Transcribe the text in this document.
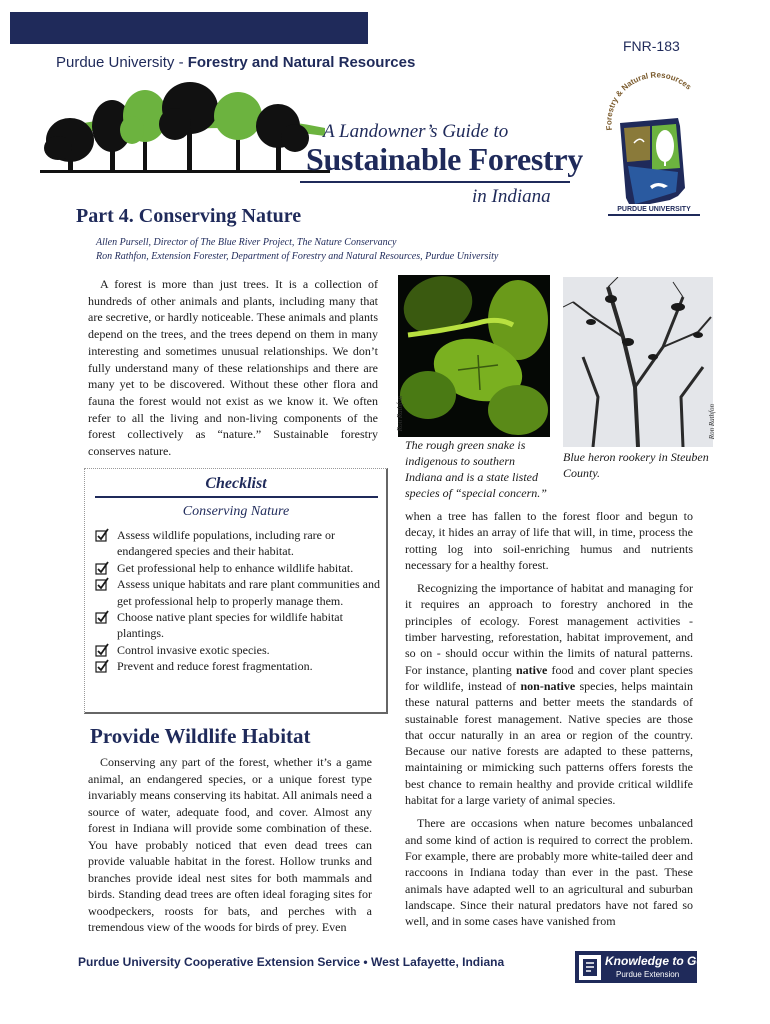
FNR-183
Purdue University - Forestry and Natural Resources
A Landowner’s Guide to
Sustainable Forestry
in Indiana
Forestry & Natural Resources
PURDUE UNIVERSITY
Part 4. Conserving Nature
Allen Pursell, Director of The Blue River Project, The Nature Conservancy
Ron Rathfon, Extension Forester, Department of Forestry and Natural Resources, Purdue University

A forest is more than just trees. It is a collection of hundreds of other animals and plants, including many that are secretive, or hardly noticeable. These animals and plants depend on the trees, and the trees depend on them in many interesting and sometimes unusual relationships. We don’t fully understand many of these relationships and there are many yet to be discovered. Without these other flora and fauna the forest would not exist as we know it. We often refer to all the living and non-living components of the forest collectively as “nature.” Sustainable forestry conserves nature.

Ron Rathfon	Ron Rathfon
The rough green snake is indigenous to southern Indiana and is a state listed species of “special concern.”
Blue heron rookery in Steuben County.
Checklist
Conserving Nature
Assess wildlife populations, including rare or endangered species and their habitat.
Get professional help to enhance wildlife habitat.
Assess unique habitats and rare plant communities and get professional help to properly manage them.
Choose native plant species for wildlife habitat plantings.
Control invasive exotic species.
Prevent and reduce forest fragmentation.

when a tree has fallen to the forest floor and begun to decay, it hides an array of life that will, in time, process the rotting log into soil-enriching humus and nutrients necessary for a healthy forest.

Recognizing the importance of habitat and managing for it requires an approach to forestry anchored in the principles of ecology. Forest management activities - timber harvesting, reforestation, habitat improvement, and so on - should occur within the limits of natural patterns. For instance, planting native food and cover plant species for wildlife, instead of non-native species, helps maintain these natural patterns and better meets the standards of sustainable forest management. Native species are those that occur naturally in an area or region of the country. Because our native forests are adapted to these patterns, maintaining or mimicking such patterns offers forests the best chance to remain healthy and provide critical wildlife habitat for a large variety of animal species.

There are occasions when nature becomes unbalanced and some kind of action is required to correct the problem. For example, there are probably more white-tailed deer and raccoons in Indiana today than ever in the past. These animals have adapted well to an agricultural and suburban landscape. Since their natural predators have not fared so well, and in some cases have vanished from

Provide Wildlife Habitat
Conserving any part of the forest, whether it’s a game animal, an endangered species, or a unique forest type invariably means conserving its habitat. All animals need a source of water, adequate food, and cover. Almost any forest in Indiana will provide some combination of these. You have probably noticed that even dead trees can provide valuable habitat in the forest. Hollow trunks and branches provide ideal nest sites for both mammals and birds. Standing dead trees are often ideal foraging sites for woodpeckers, roosts for bats, and perches with a tremendous view of the woods for birds of prey. Even
Purdue University Cooperative Extension Service • West Lafayette, Indiana	Knowledge to Go
Purdue Extension
